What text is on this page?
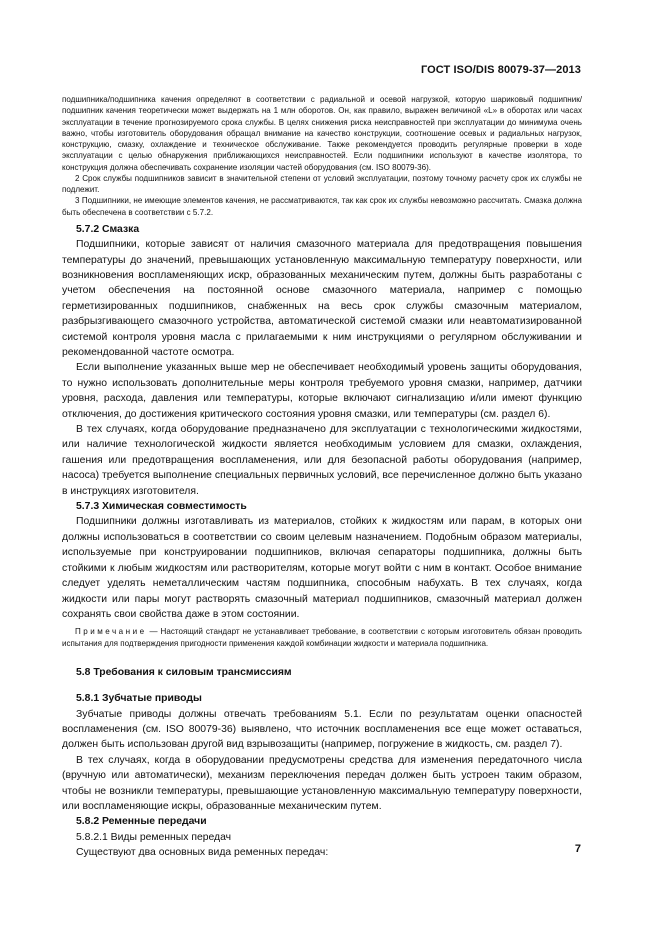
ГОСТ ISO/DIS 80079-37—2013

подшипника/подшипника качения определяют в соответствии с радиальной и осевой нагрузкой, которую шариковый подшипник/подшипник качения теоретически может выдержать на 1 млн оборотов. Он, как правило, выражен величиной «L» в оборотах или часах эксплуатации в течение прогнозируемого срока службы. В целях снижения риска неисправностей при эксплуатации до минимума очень важно, чтобы изготовитель оборудования обращал внимание на качество конструкции, соотношение осевых и радиальных нагрузок, конструкцию, смазку, охлаждение и техническое обслуживание. Также рекомендуется проводить регулярные проверки в ходе эксплуатации с целью обнаружения приближающихся неисправностей. Если подшипники используют в качестве изолятора, то конструкция должна обеспечивать сохранение изоляции частей оборудования (см. ISO 80079-36).

2 Срок службы подшипников зависит в значительной степени от условий эксплуатации, поэтому точному расчету срок их службы не подлежит.

3 Подшипники, не имеющие элементов качения, не рассматриваются, так как срок их службы невозможно рассчитать. Смазка должна быть обеспечена в соответствии с 5.7.2.

5.7.2 Смазка

Подшипники, которые зависят от наличия смазочного материала для предотвращения повышения температуры до значений, превышающих установленную максимальную температуру поверхности, или возникновения воспламеняющих искр, образованных механическим путем, должны быть разработаны с учетом обеспечения на постоянной основе смазочного материала, например с помощью герметизированных подшипников, снабженных на весь срок службы смазочным материалом, разбрызгивающего смазочного устройства, автоматической системой смазки или неавтоматизированной системой контроля уровня масла с прилагаемыми к ним инструкциями о регулярном обслуживании и рекомендованной частоте осмотра.

Если выполнение указанных выше мер не обеспечивает необходимый уровень защиты оборудования, то нужно использовать дополнительные меры контроля требуемого уровня смазки, например, датчики уровня, расхода, давления или температуры, которые включают сигнализацию и/или имеют функцию отключения, до достижения критического состояния уровня смазки, или температуры (см. раздел 6).

В тех случаях, когда оборудование предназначено для эксплуатации с технологическими жидкостями, или наличие технологической жидкости является необходимым условием для смазки, охлаждения, гашения или предотвращения воспламенения, или для безопасной работы оборудования (например, насоса) требуется выполнение специальных первичных условий, все перечисленное должно быть указано в инструкциях изготовителя.

5.7.3 Химическая совместимость

Подшипники должны изготавливать из материалов, стойких к жидкостям или парам, в которых они должны использоваться в соответствии со своим целевым назначением. Подобным образом материалы, используемые при конструировании подшипников, включая сепараторы подшипника, должны быть стойкими к любым жидкостям или растворителям, которые могут войти с ним в контакт. Особое внимание следует уделять неметаллическим частям подшипника, способным набухать. В тех случаях, когда жидкости или пары могут растворять смазочный материал подшипников, смазочный материал должен сохранять свои свойства даже в этом состоянии.

Примечание — Настоящий стандарт не устанавливает требование, в соответствии с которым изготовитель обязан проводить испытания для подтверждения пригодности применения каждой комбинации жидкости и материала подшипника.

5.8 Требования к силовым трансмиссиям
5.8.1 Зубчатые приводы

Зубчатые приводы должны отвечать требованиям 5.1. Если по результатам оценки опасностей воспламенения (см. ISO 80079-36) выявлено, что источник воспламенения все еще может оставаться, должен быть использован другой вид взрывозащиты (например, погружение в жидкость, см. раздел 7).

В тех случаях, когда в оборудовании предусмотрены средства для изменения передаточного числа (вручную или автоматически), механизм переключения передач должен быть устроен таким образом, чтобы не возникли температуры, превышающие установленную максимальную температуру поверхности, или воспламеняющие искры, образованные механическим путем.

5.8.2 Ременные передачи

5.8.2.1 Виды ременных передач

Существуют два основных вида ременных передач:	7
